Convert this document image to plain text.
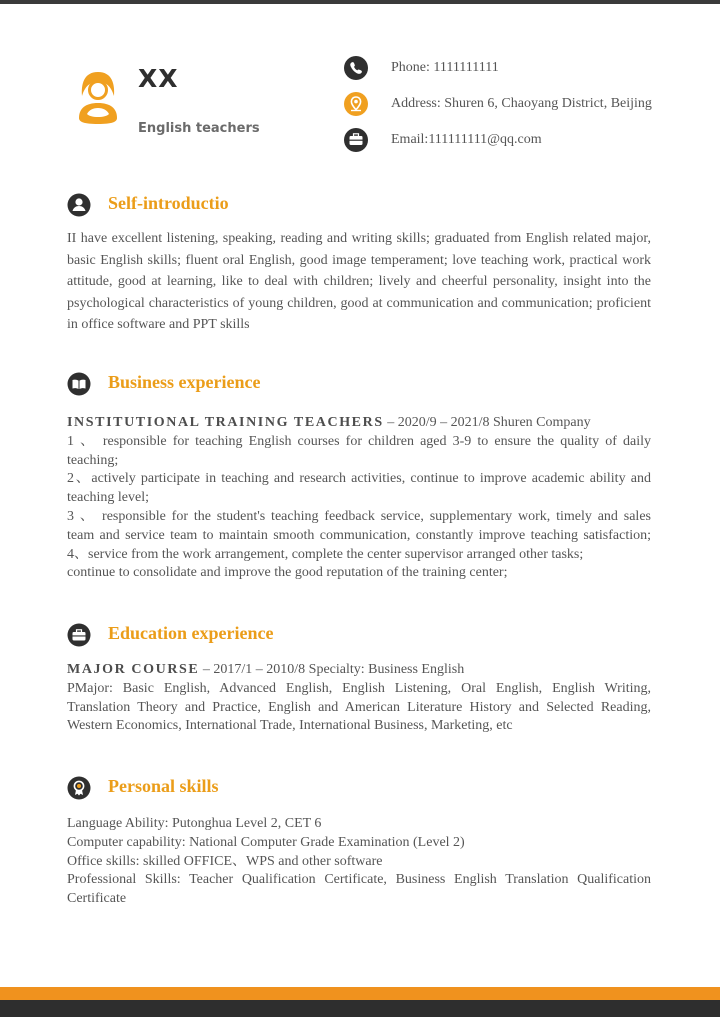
XX
English teachers
Phone: 1111111111
Address: Shuren 6, Chaoyang District, Beijing
Email:111111111@qq.com
Self-introductio

II have excellent listening, speaking, reading and writing skills; graduated from English related major, basic English skills; fluent oral English, good image temperament; love teaching work, practical work attitude, good at learning, like to deal with children; lively and cheerful personality, insight into the psychological characteristics of young children, good at communication and communication; proficient in office software and PPT skills

Business experience
INSTITUTIONAL TRAINING TEACHERS – 2020/9 – 2021/8 Shuren Company
1 、 responsible for teaching English courses for children aged 3-9 to ensure the quality of daily
teaching;
2、actively participate in teaching and research activities, continue to improve academic ability and
teaching level;
3 、 responsible for the student's teaching feedback service, supplementary work, timely and sales
team and service team to maintain smooth communication, constantly improve teaching satisfaction;
4、service from the work arrangement, complete the center supervisor arranged other tasks;
continue to consolidate and improve the good reputation of the training center;
Education experience
MAJOR COURSE – 2017/1 – 2010/8 Specialty: Business English
PMajor: Basic English, Advanced English, English Listening, Oral English, English Writing,
Translation Theory and Practice, English and American Literature History and Selected Reading,
Western Economics, International Trade, International Business, Marketing, etc
Personal skills
Language Ability: Putonghua Level 2, CET 6
Computer capability: National Computer Grade Examination (Level 2)
Office skills: skilled OFFICE、WPS and other software
Professional Skills: Teacher Qualification Certificate, Business English Translation Qualification
Certificate
